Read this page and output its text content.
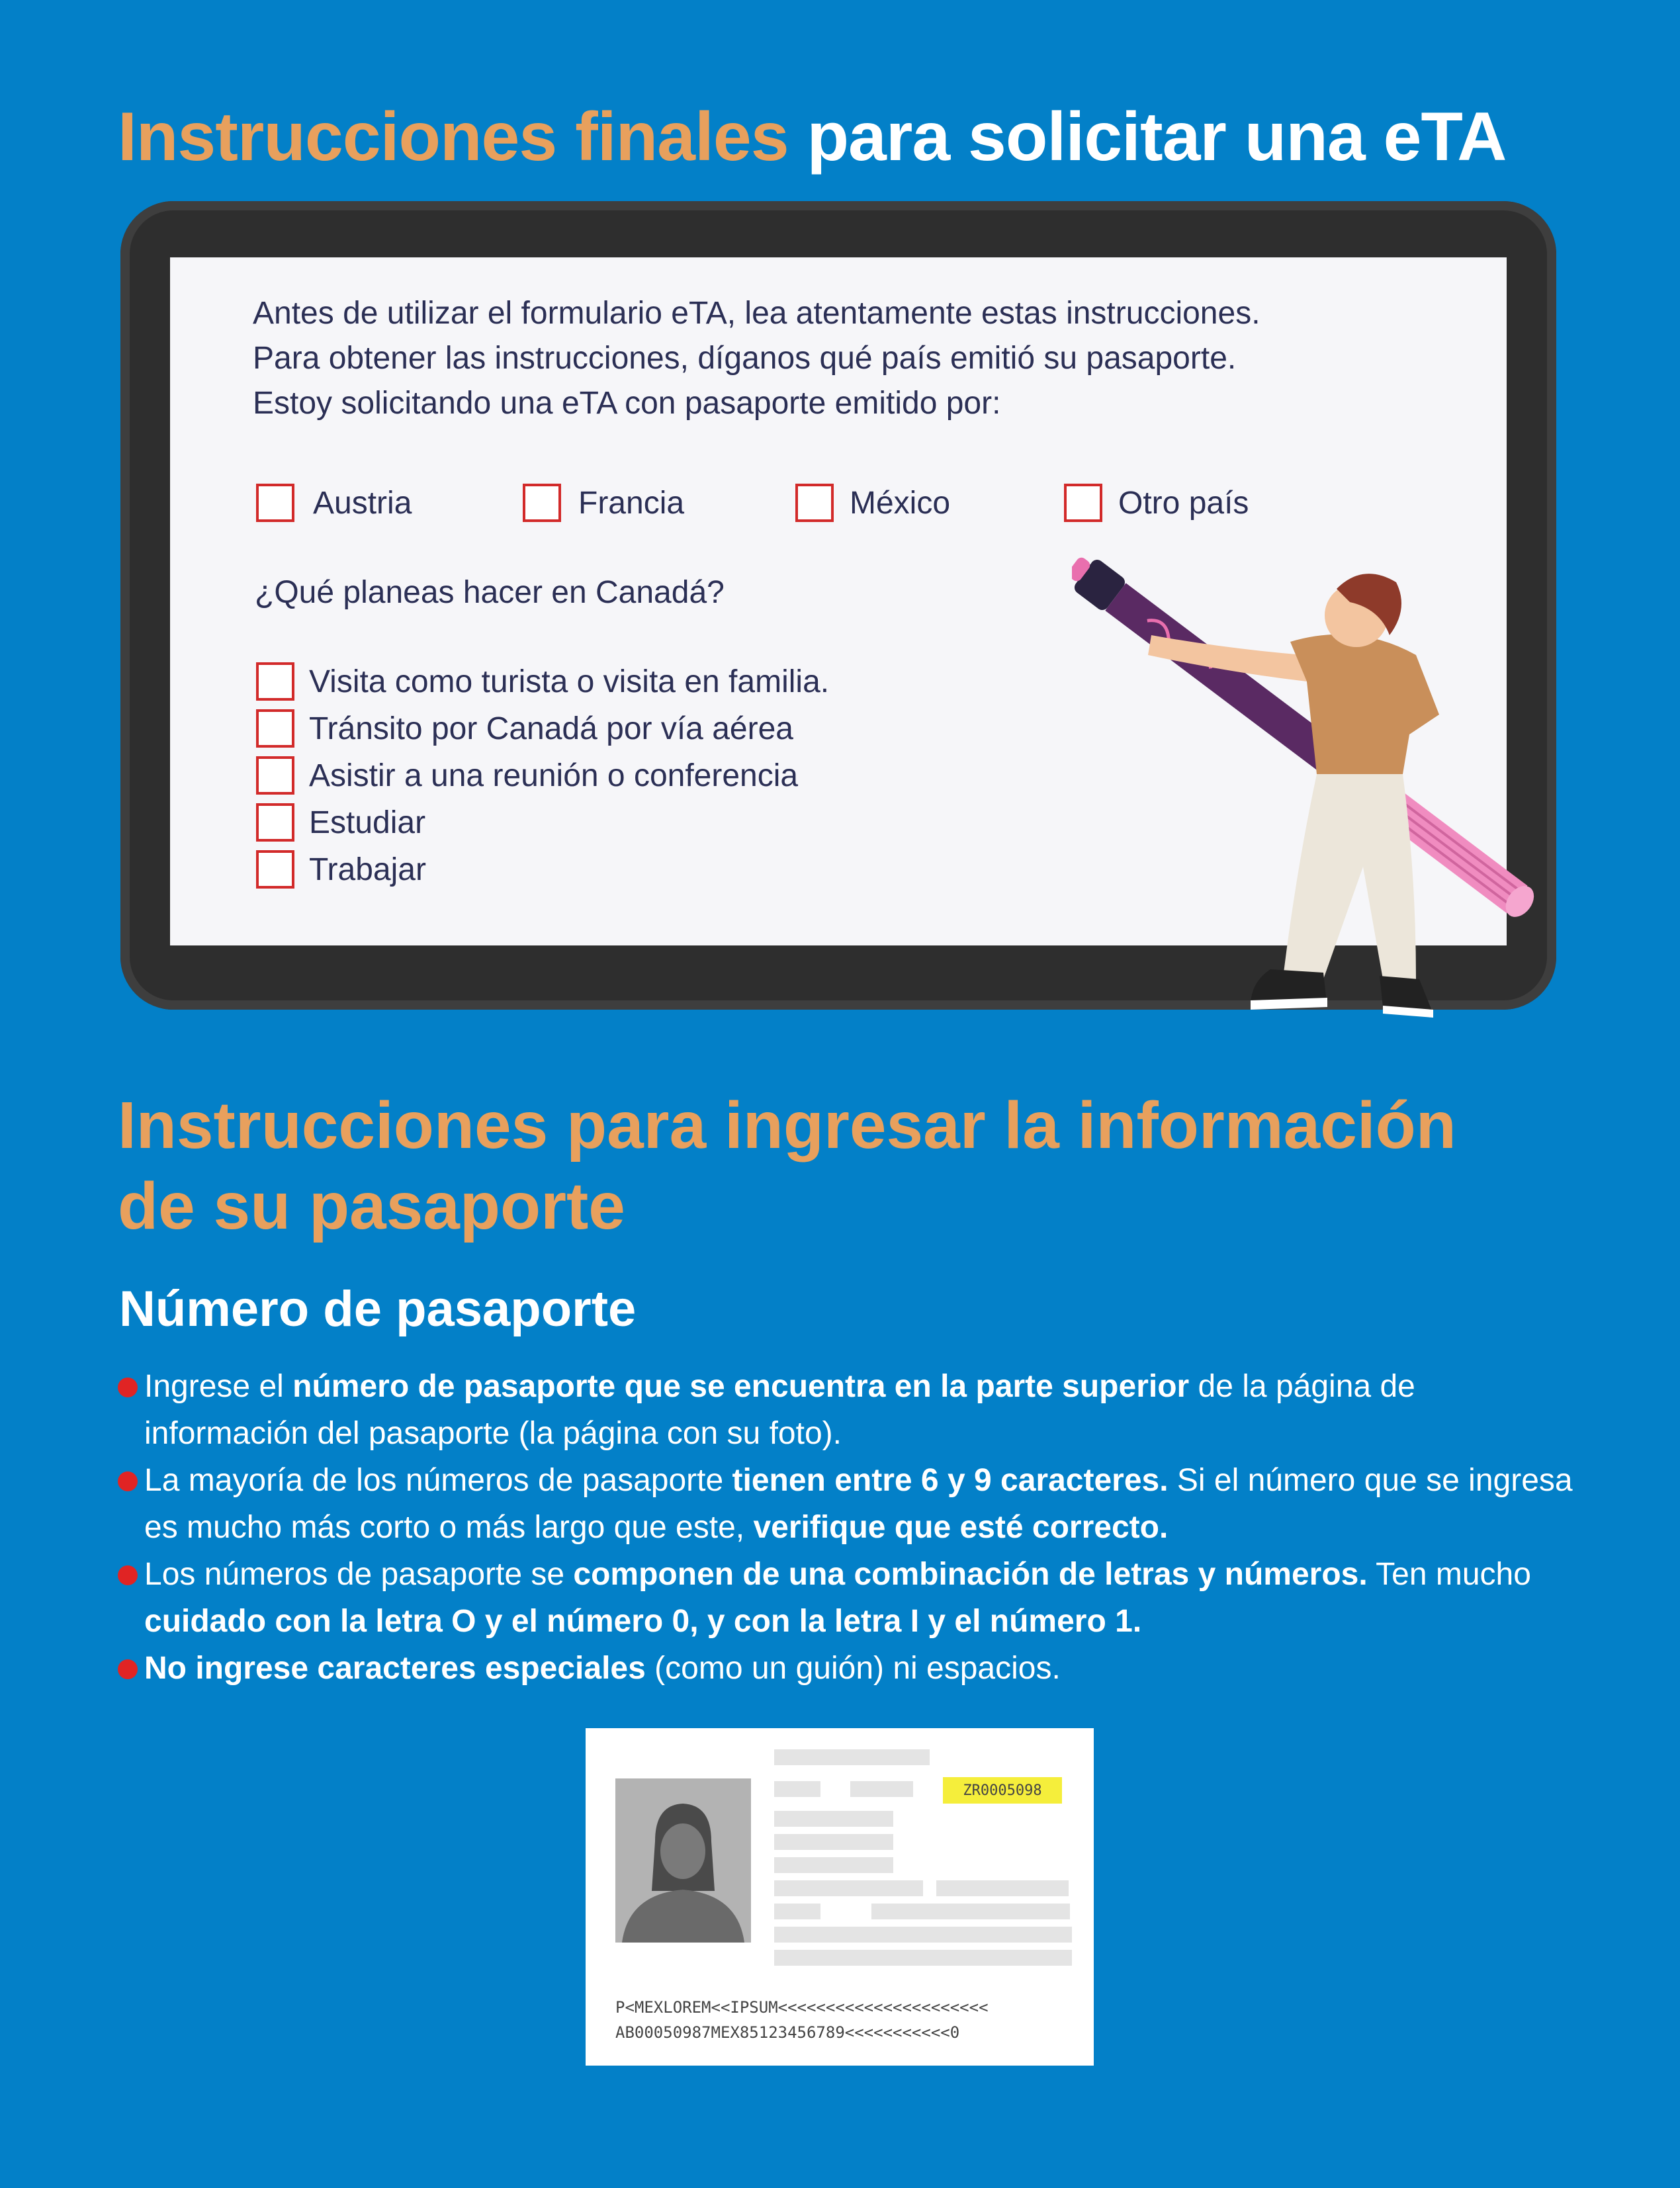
Instrucciones finales para solicitar una eTA
Antes de utilizar el formulario eTA, lea atentamente estas instrucciones.
Para obtener las instrucciones, díganos qué país emitió su pasaporte.
Estoy solicitando una eTA con pasaporte emitido por:
Austria	Francia	México	Otro país
¿Qué planeas hacer en Canadá?
Visita como turista o visita en familia.
Tránsito por Canadá por vía aérea
Asistir a una reunión o conferencia
Estudiar
Trabajar
Instrucciones para ingresar la información
de su pasaporte
Número de pasaporte
Ingrese el número de pasaporte que se encuentra en la parte superior de la página de información del pasaporte (la página con su foto).
La mayoría de los números de pasaporte tienen entre 6 y 9 caracteres. Si el número que se ingresa es mucho más corto o más largo que este, verifique que esté correcto.
Los números de pasaporte se componen de una combinación de letras y números. Ten mucho cuidado con la letra O y el número 0, y con la letra I y el número 1.
No ingrese caracteres especiales (como un guión) ni espacios.
ZR0005098
P<MEXLOREM<<IPSUM<<<<<<<<<<<<<<<<<<<<<<
AB00050987MEX85123456789<<<<<<<<<<<0
